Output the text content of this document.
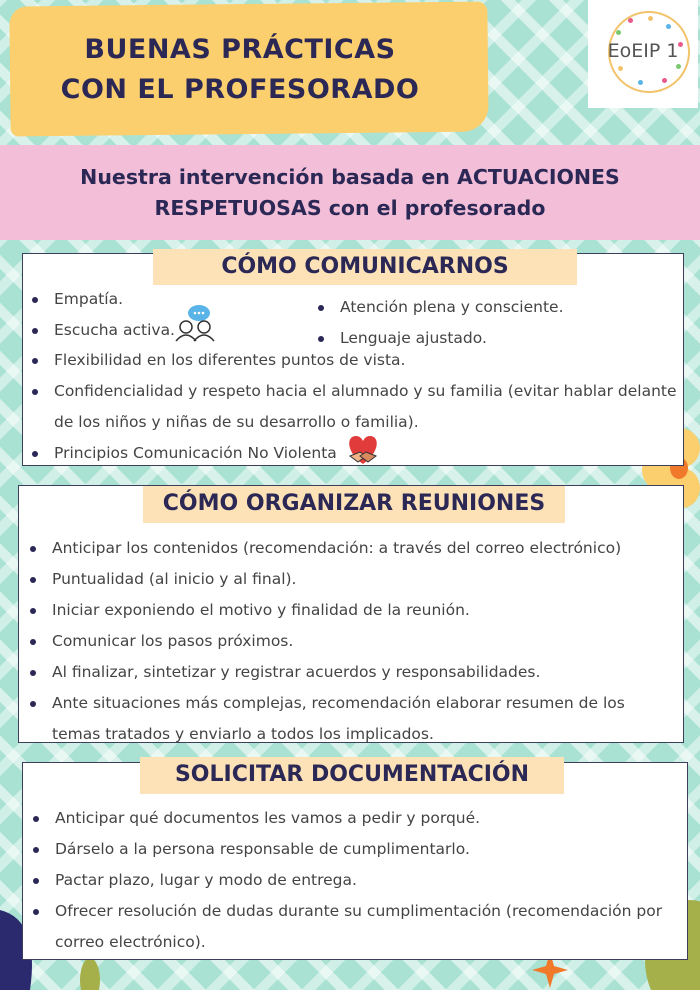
BUENAS PRÁCTICAS
CON EL PROFESORADO
EoEIP 1
Nuestra intervención basada en ACTUACIONES
RESPETUOSAS con el profesorado
CÓMO COMUNICARNOS
Empatía.
Escucha activa.
Atención plena y consciente.
Lenguaje ajustado.
Flexibilidad en los diferentes puntos de vista.
Confidencialidad y respeto hacia el alumnado y su familia (evitar hablar delante
de los niños y niñas de su desarrollo o familia).
Principios Comunicación No Violenta
CÓMO ORGANIZAR REUNIONES
Anticipar los contenidos (recomendación: a través del correo electrónico)
Puntualidad (al inicio y al final).
Iniciar exponiendo el motivo y finalidad de la reunión.
Comunicar los pasos próximos.
Al finalizar, sintetizar y registrar acuerdos y responsabilidades.
Ante situaciones más complejas, recomendación elaborar resumen de los
temas tratados y enviarlo a todos los implicados.
SOLICITAR DOCUMENTACIÓN
Anticipar qué documentos les vamos a pedir y porqué.
Dárselo a la persona responsable de cumplimentarlo.
Pactar plazo, lugar y modo de entrega.
Ofrecer resolución de dudas durante su cumplimentación (recomendación por
correo electrónico).
